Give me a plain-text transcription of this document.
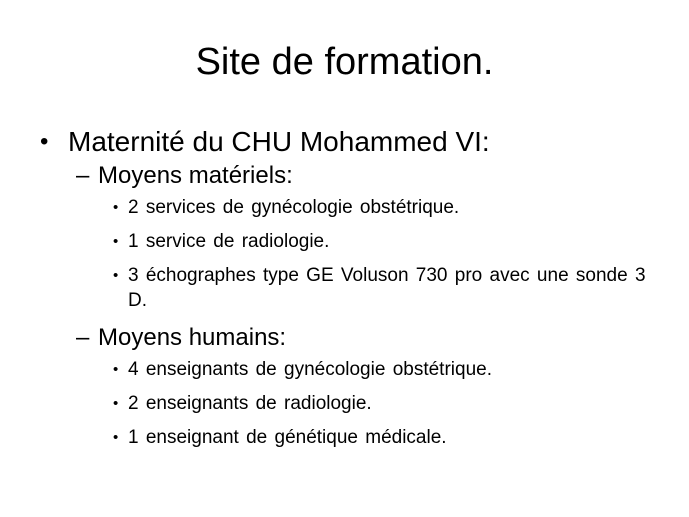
Site de formation.
• Maternité du CHU Mohammed VI:
– Moyens matériels:
• 2 services de gynécologie obstétrique.
• 1 service de radiologie.
• 3 échographes type GE Voluson 730 pro avec une sonde 3 D.
– Moyens humains:
• 4 enseignants de gynécologie obstétrique.
• 2 enseignants de radiologie.
• 1 enseignant de génétique médicale.
